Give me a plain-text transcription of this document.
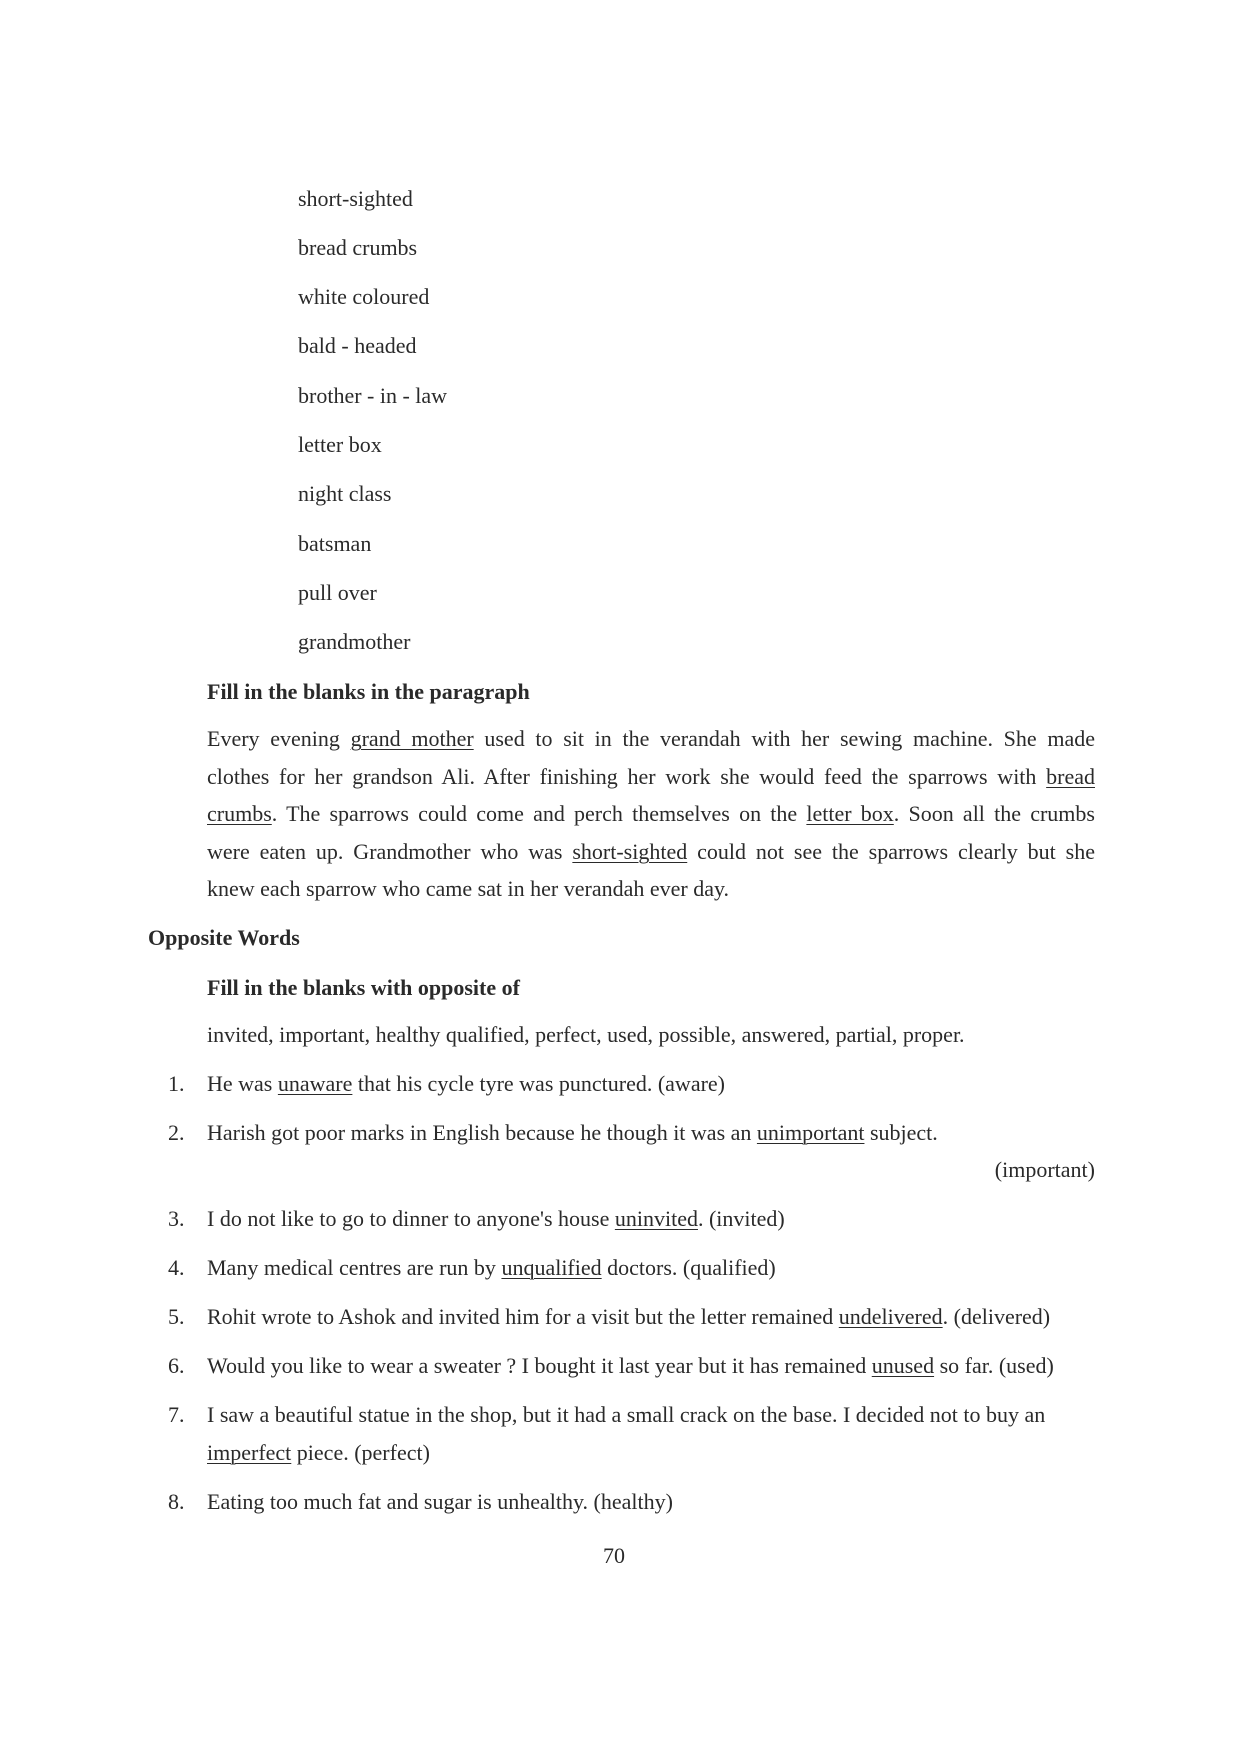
short-sighted
bread crumbs
white coloured
bald - headed
brother - in - law
letter box
night class
batsman
pull over
grandmother
Fill in the blanks in the paragraph
Every evening grand mother used to sit in the verandah with her sewing machine. She made
clothes for her grandson Ali. After finishing her work she would feed the sparrows with bread
crumbs. The sparrows could come and perch themselves on the letter box. Soon all the crumbs
were eaten up. Grandmother who was short-sighted could not see the sparrows clearly but she
knew each sparrow who came sat in her verandah ever day.
Opposite Words
Fill in the blanks with opposite of
invited, important, healthy qualified, perfect, used, possible, answered, partial, proper.
1. He was unaware that his cycle tyre was punctured. (aware)
2. Harish got poor marks in English because he though it was an unimportant subject.
(important)
3. I do not like to go to dinner to anyone's house uninvited. (invited)
4. Many medical centres are run by unqualified doctors. (qualified)
5. Rohit wrote to Ashok and invited him for a visit but the letter remained undelivered. (delivered)
6. Would you like to wear a sweater ? I bought it last year but it has remained unused so far. (used)
7. I saw a beautiful statue in the shop, but it had a small crack on the base. I decided not to buy an
imperfect piece. (perfect)
8. Eating too much fat and sugar is unhealthy. (healthy)
70
